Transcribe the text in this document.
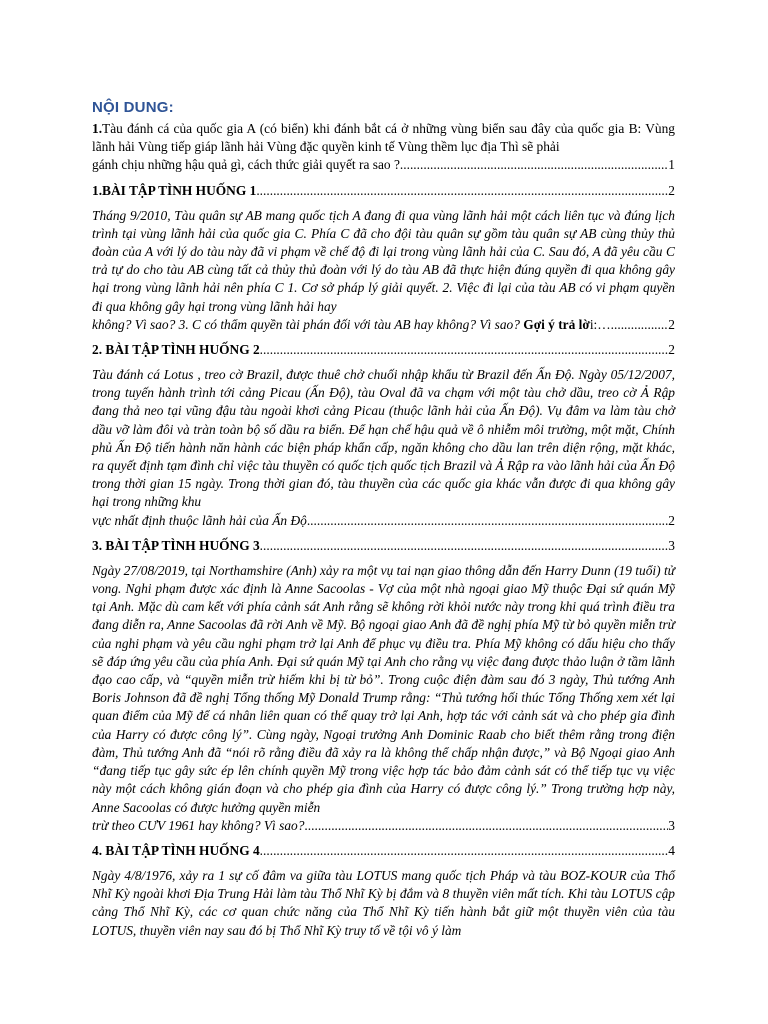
NỘI DUNG:

1.Tàu đánh cá của quốc gia A (có biển) khi đánh bắt cá ở những vùng biển sau đây của quốc gia B: Vùng lãnh hải Vùng tiếp giáp lãnh hải Vùng đặc quyền kinh tế Vùng thềm lục địa Thì sẽ phải

gánh chịu những hậu quả gì, cách thức giải quyết ra sao ? .....	1
1.BÀI TẬP TÌNH HUỐNG 1 .....	2

Tháng 9/2010, Tàu quân sự AB mang quốc tịch A đang đi qua vùng lãnh hải một cách liên tục và đúng lịch trình tại vùng lãnh hải của quốc gia C. Phía C đã cho đội tàu quân sự gồm tàu quân sự AB cùng thủy thủ đoàn của A với lý do tàu này đã vi phạm về chế độ đi lại trong vùng lãnh hải của C. Sau đó, A đã yêu cầu C trả tự do cho tàu AB cùng tất cả thủy thủ đoàn với lý do tàu AB đã thực hiện đúng quyền đi qua không gây hại trong vùng lãnh hải nên phía C 1. Cơ sở pháp lý giải quyết. 2. Việc đi lại của tàu AB có vi phạm quyền đi qua không gây hại trong vùng lãnh hải hay

không? Vì sao? 3. C có thẩm quyền tài phán đối với tàu AB hay không? Vì sao? Gợi ý trả lời:… .....	2
2. BÀI TẬP TÌNH HUỐNG 2 .....	2

Tàu đánh cá Lotus , treo cờ Brazil, được thuê chở chuối nhập khẩu từ Brazil đến Ấn Độ. Ngày 05/12/2007, trong tuyến hành trình tới cảng Picau (Ấn Độ), tàu Oval đã va chạm với một tàu chở dầu, treo cờ Ả Rập đang thả neo tại vũng đậu tàu ngoài khơi cảng Picau (thuộc lãnh hải của Ấn Độ). Vụ đâm va làm tàu chở dầu vỡ làm đôi và tràn toàn bộ số dầu ra biển. Để hạn chế hậu quả về ô nhiễm môi trường, một mặt, Chính phủ Ấn Độ tiến hành năn hành các biện pháp khẩn cấp, ngăn không cho dầu lan trên diện rộng, mặt khác, ra quyết định tạm đình chỉ việc tàu thuyền có quốc tịch quốc tịch Brazil và Ả Rập ra vào lãnh hải của Ấn Độ trong thời gian 15 ngày. Trong thời gian đó, tàu thuyền của các quốc gia khác vẫn được đi qua không gây hại trong những khu

vực nhất định thuộc lãnh hải của Ấn Độ .....	2
3. BÀI TẬP TÌNH HUỐNG 3 .....	3

Ngày 27/08/2019, tại Northamshire (Anh) xảy ra một vụ tai nạn giao thông dẫn đến Harry Dunn (19 tuổi) tử vong. Nghi phạm được xác định là Anne Sacoolas - Vợ của một nhà ngoại giao Mỹ thuộc Đại sứ quán Mỹ tại Anh. Mặc dù cam kết với phía cảnh sát Anh rằng sẽ không rời khỏi nước này trong khi quá trình điều tra đang diễn ra, Anne Sacoolas đã rời Anh về Mỹ. Bộ ngoại giao Anh đã đề nghị phía Mỹ từ bỏ quyền miễn trừ của nghi phạm và yêu cầu nghi phạm trở lại Anh để phục vụ điều tra. Phía Mỹ không có dấu hiệu cho thấy sẽ đáp ứng yêu cầu của phía Anh. Đại sứ quán Mỹ tại Anh cho rằng vụ việc đang được thảo luận ở tầm lãnh đạo cao cấp, và “quyền miễn trừ hiếm khi bị từ bỏ”. Trong cuộc điện đàm sau đó 3 ngày, Thủ tướng Anh Boris Johnson đã đề nghị Tổng thống Mỹ Donald Trump rằng: “Thủ tướng hối thúc Tổng Thống xem xét lại quan điểm của Mỹ để cá nhân liên quan có thể quay trở lại Anh, hợp tác với cảnh sát và cho phép gia đình của Harry có được công lý”. Cùng ngày, Ngoại trưởng Anh Dominic Raab cho biết thêm rằng trong điện đàm, Thủ tướng Anh đã “nói rõ rằng điều đã xảy ra là không thể chấp nhận được,” và Bộ Ngoại giao Anh “đang tiếp tục gây sức ép lên chính quyền Mỹ trong việc hợp tác bảo đảm cảnh sát có thể tiếp tục vụ việc này một cách không gián đoạn và cho phép gia đình của Harry có được công lý.” Trong trường hợp này, Anne Sacoolas có được hưởng quyền miễn

trừ theo CƯV 1961 hay không? Vì sao? .....	3
4. BÀI TẬP TÌNH HUỐNG 4 .....	4

Ngày 4/8/1976, xảy ra 1 sự cố đâm va giữa tàu LOTUS mang quốc tịch Pháp và tàu BOZ-KOUR của Thổ Nhĩ Kỳ ngoài khơi Địa Trung Hải làm tàu Thổ Nhĩ Kỳ bị đắm và 8 thuyền viên mất tích. Khi tàu LOTUS cập cảng Thổ Nhĩ Kỳ, các cơ quan chức năng của Thổ Nhĩ Kỳ tiến hành bắt giữ một thuyền viên của tàu LOTUS, thuyền viên nay sau đó bị Thổ Nhĩ Kỳ truy tố về tội vô ý làm
